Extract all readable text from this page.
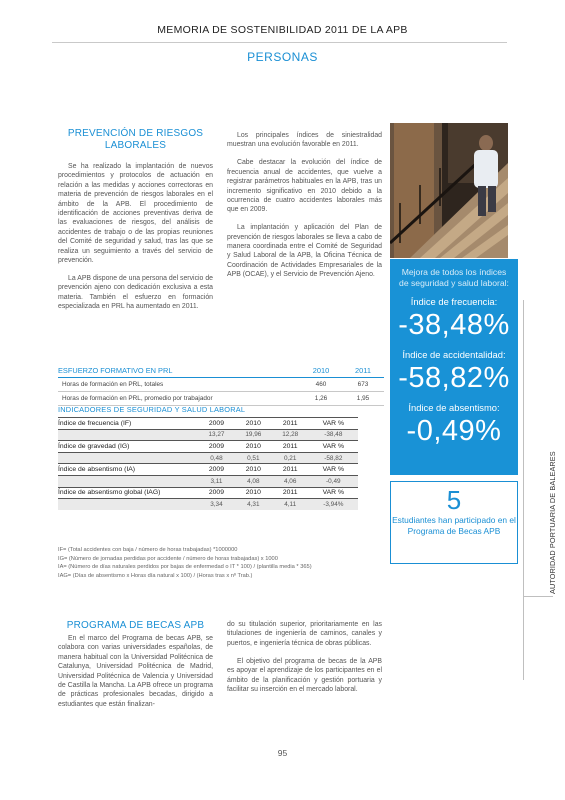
MEMORIA DE SOSTENIBILIDAD 2011 DE LA APB
PERSONAS
PREVENCIÓN DE RIESGOS LABORALES

Se ha realizado la implantación de nuevos procedimientos y protocolos de actuación en relación a las medidas y acciones correctoras en materia de prevención de riesgos laborales en el ámbito de la APB. El procedimiento de identificación de acciones preventivas deriva de las evaluaciones de riesgos, del análisis de accidentes de trabajo o de las propias reuniones del Comité de seguridad y salud, tras las que se realiza un seguimiento a través del servicio de prevención.

La APB dispone de una persona del servicio de prevención ajeno con dedicación exclusiva a esta materia. También el esfuerzo en formación especializada en PRL ha aumentado en 2011.

Los principales índices de siniestralidad muestran una evolución favorable en 2011.

Cabe destacar la evolución del índice de frecuencia anual de accidentes, que vuelve a registrar parámetros habituales en la APB, tras un incremento significativo en 2010 debido a la ocurrencia de cuatro accidentes laborales más que en 2009.

La implantación y aplicación del Plan de prevención de riesgos laborales se lleva a cabo de manera coordinada entre el Comité de Seguridad y Salud Laboral de la APB, la Oficina Técnica de Coordinación de Actividades Empresariales de la APB (OCAE), y el Servicio de Prevención Ajeno.	Mejora de todos los índices de seguridad y salud laboral:
Índice de frecuencia:
-38,48%
Índice de accidentalidad:
-58,82%
Índice de absentismo:
-0,49%
5
Estudiantes han participado en el Programa de Becas APB	AUTORIDAD PORTUARIA DE BALEARES
ESFUERZO FORMATIVO EN PRL	2010	2011
Horas de formación en PRL, totales	460	673
Horas de formación en PRL, promedio por trabajador	1,26	1,95
INDICADORES DE SEGURIDAD Y SALUD LABORAL
Índice de frecuencia (IF)	2009	2010	2011	VAR %
	13,27	19,96	12,28	-38,48
Índice de gravedad (IG)	2009	2010	2011	VAR %
	0,48	0,51	0,21	-58,82
Índice de absentismo (IA)	2009	2010	2011	VAR %
	3,11	4,08	4,06	-0,49
Índice de absentismo global (IAG)	2009	2010	2011	VAR %
	3,34	4,31	4,11	-3,94%
IF= (Total accidentes con baja / número de horas trabajadas) *1000000
IG= (Número de jornadas perdidas por accidente / número de horas trabajadas) x 1000
IA= (Número de días naturales perdidos por bajas de enfermedad o IT * 100) / (plantilla media * 365)
IAG= (Días de absentismo x Horas día natural x 100) / (Horas tras x nº Trab.)
PROGRAMA DE BECAS APB

En el marco del Programa de becas APB, se colabora con varias universidades españolas, de manera habitual con la Universidad Politécnica de Catalunya, Universidad Politécnica de Madrid, Universidad Politécnica de Valencia y Universidad de Castilla la Mancha. La APB ofrece un programa de prácticas profesionales becadas, dirigido a estudiantes que están finalizan-

do su titulación superior, prioritariamente en las titulaciones de ingeniería de caminos, canales y puertos, e ingeniería técnica de obras públicas.

El objetivo del programa de becas de la APB es apoyar el aprendizaje de los participantes en el ámbito de la planificación y gestión portuaria y facilitar su inserción en el mercado laboral.

95
